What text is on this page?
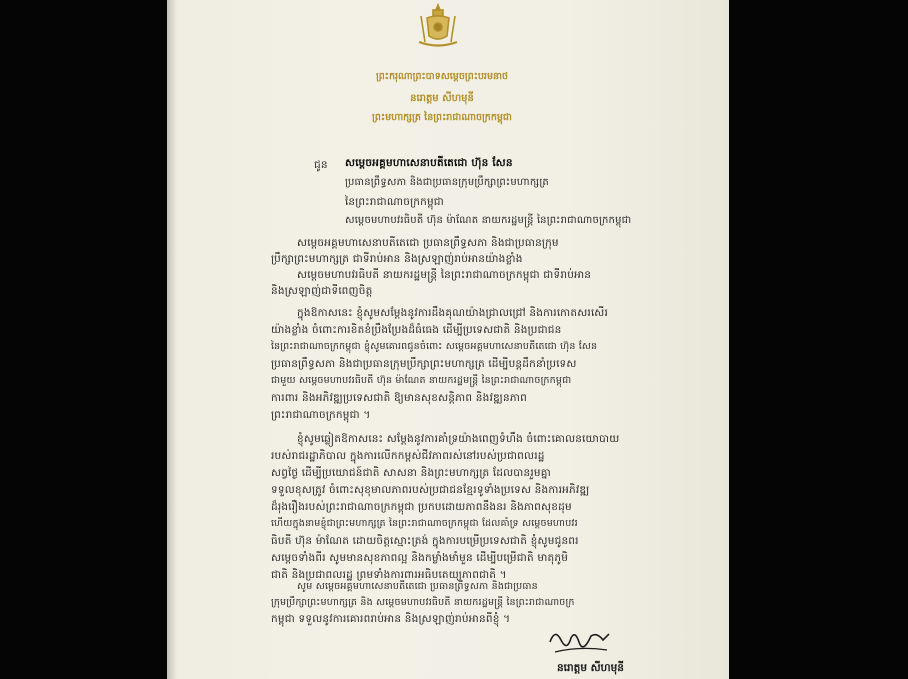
ព្រះករុណាព្រះបាទសម្តេចព្រះបរមនាថ
នរោត្តម សីហមុនី
ព្រះមហាក្សត្រ នៃព្រះរាជាណាចក្រកម្ពុជា
ជូន សម្តេចអគ្គមហាសេនាបតីតេជោ ហ៊ុន សែន
ប្រធានព្រឹទ្ធសភា និងជាប្រធានក្រុមប្រឹក្សាព្រះមហាក្សត្រ
នៃព្រះរាជាណាចក្រកម្ពុជា
សម្តេចមហាបវរធិបតី ហ៊ុន ម៉ាណែត នាយករដ្ឋមន្ត្រី នៃព្រះរាជាណាចក្រកម្ពុជា
សម្តេចអគ្គមហាសេនាបតីតេជោ ប្រធានព្រឹទ្ធសភា និងជាប្រធានក្រុម
ប្រឹក្សាព្រះមហាក្សត្រ ជាទីរាប់អាន និងស្រឡាញ់រាប់អានយ៉ាងខ្លាំង
សម្តេចមហាបវរធិបតី នាយករដ្ឋមន្ត្រី នៃព្រះរាជាណាចក្រកម្ពុជា ជាទីរាប់អាន
និងស្រឡាញ់ជាទីពេញចិត្ត
ក្នុងឱកាសនេះ ខ្ញុំសូមសម្តែងនូវការដឹងគុណយ៉ាងជ្រាលជ្រៅ និងការកោតសរសើរ
យ៉ាងខ្លាំង ចំពោះការខិតខំប្រឹងប្រែងដ៏ធំធេង ដើម្បីប្រទេសជាតិ និងប្រជាជន
នៃព្រះរាជាណាចក្រកម្ពុជា ខ្ញុំសូមគោរពជូនចំពោះ សម្តេចអគ្គមហាសេនាបតីតេជោ ហ៊ុន សែន
ប្រធានព្រឹទ្ធសភា និងជាប្រធានក្រុមប្រឹក្សាព្រះមហាក្សត្រ ដើម្បីបន្តដឹកនាំប្រទេស
ជាមួយ សម្តេចមហាបវរធិបតី ហ៊ុន ម៉ាណែត នាយករដ្ឋមន្ត្រី នៃព្រះរាជាណាចក្រកម្ពុជា
ការពារ និងអភិវឌ្ឍប្រទេសជាតិ ឱ្យមានសុខសន្តិភាព និងវឌ្ឍនភាព
ព្រះរាជាណាចក្រកម្ពុជា ។
ខ្ញុំសូមឆ្លៀតឱកាសនេះ សម្តែងនូវការគាំទ្រយ៉ាងពេញទំហឹង ចំពោះគោលនយោបាយ
របស់រាជរដ្ឋាភិបាល ក្នុងការលើកកម្ពស់ជីវភាពរស់នៅរបស់ប្រជាពលរដ្ឋ
សព្វថ្ងៃ ដើម្បីប្រយោជន៍ជាតិ សាសនា និងព្រះមហាក្សត្រ ដែលបានរួមគ្នា
ទទួលខុសត្រូវ ចំពោះសុខុមាលភាពរបស់ប្រជាជនខ្មែរទូទាំងប្រទេស និងការអភិវឌ្ឍ
ដ៏រុងរឿងរបស់ព្រះរាជាណាចក្រកម្ពុជា ប្រកបដោយភាពនឹងនរ និងភាពសុខដុម
ហើយក្នុងនាមខ្ញុំជាព្រះមហាក្សត្រ នៃព្រះរាជាណាចក្រកម្ពុជា ដែលគាំទ្រ សម្តេចមហាបវរ
ធិបតី ហ៊ុន ម៉ាណែត ដោយចិត្តស្មោះត្រង់ ក្នុងការបម្រើប្រទេសជាតិ ខ្ញុំសូមជូនពរ
សម្តេចទាំងពីរ សូមមានសុខភាពល្អ និងកម្លាំងមាំមួន ដើម្បីបម្រើជាតិ មាតុភូមិ
ជាតិ និងប្រជាពលរដ្ឋ ព្រមទាំងការពារអធិបតេយ្យភាពជាតិ ។
សូម សម្តេចអគ្គមហាសេនាបតីតេជោ ប្រធានព្រឹទ្ធសភា និងជាប្រធាន
ក្រុមប្រឹក្សាព្រះមហាក្សត្រ និង សម្តេចមហាបវរធិបតី នាយករដ្ឋមន្ត្រី នៃព្រះរាជាណាចក្រ
កម្ពុជា ទទួលនូវការគោរពរាប់អាន និងស្រឡាញ់រាប់អានពីខ្ញុំ ។
នរោត្តម សីហមុនី
